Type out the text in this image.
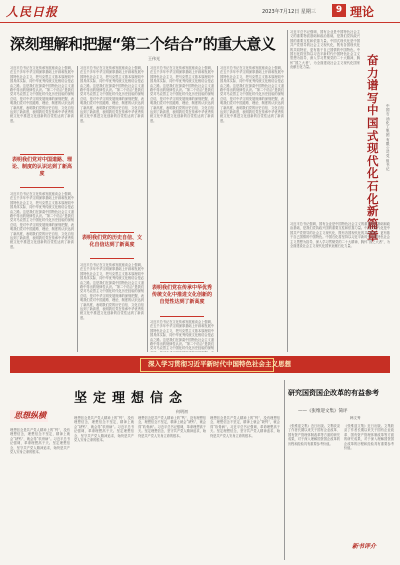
人民日报	2023年7月12日 星期三	9 理论
深刻理解和把握“第二个结合”的重大意义
王伟光

习近平总书记在文化传承发展座谈会上强调，在五千多年中华文明深厚基础上开辟和发展中国特色社会主义，把马克思主义基本原理同中国具体实际、同中华优秀传统文化相结合是必由之路。这是我们在探索中国特色社会主义道路中得出的规律性认识。“第二个结合”是我们党对马克思主义中国化时代化历史经验的深刻总结，是对中华文明发展规律的深刻把握，表明我们党对中国道路、理论、制度的认识达到了新高度，表明我们党的历史自信、文化自信达到了新高度，表明我们党在传承中华优秀传统文化中推进文化创新的自觉性达到了新高度。

表明我们党对中国道路、理论、制度的认识达到了新高度

习近平总书记在文化传承发展座谈会上强调，在五千多年中华文明深厚基础上开辟和发展中国特色社会主义，把马克思主义基本原理同中国具体实际、同中华优秀传统文化相结合是必由之路。这是我们在探索中国特色社会主义道路中得出的规律性认识。“第二个结合”是我们党对马克思主义中国化时代化历史经验的深刻总结，是对中华文明发展规律的深刻把握，表明我们党对中国道路、理论、制度的认识达到了新高度，表明我们党的历史自信、文化自信达到了新高度，表明我们党在传承中华优秀传统文化中推进文化创新的自觉性达到了新高度。

习近平总书记在文化传承发展座谈会上强调，在五千多年中华文明深厚基础上开辟和发展中国特色社会主义，把马克思主义基本原理同中国具体实际、同中华优秀传统文化相结合是必由之路。这是我们在探索中国特色社会主义道路中得出的规律性认识。“第二个结合”是我们党对马克思主义中国化时代化历史经验的深刻总结，是对中华文明发展规律的深刻把握，表明我们党对中国道路、理论、制度的认识达到了新高度，表明我们党的历史自信、文化自信达到了新高度，表明我们党在传承中华优秀传统文化中推进文化创新的自觉性达到了新高度。

表明我们党的历史自信、文化自信达到了新高度

习近平总书记在文化传承发展座谈会上强调，在五千多年中华文明深厚基础上开辟和发展中国特色社会主义，把马克思主义基本原理同中国具体实际、同中华优秀传统文化相结合是必由之路。这是我们在探索中国特色社会主义道路中得出的规律性认识。“第二个结合”是我们党对马克思主义中国化时代化历史经验的深刻总结，是对中华文明发展规律的深刻把握，表明我们党对中国道路、理论、制度的认识达到了新高度，表明我们党的历史自信、文化自信达到了新高度，表明我们党在传承中华优秀传统文化中推进文化创新的自觉性达到了新高度。

习近平总书记在文化传承发展座谈会上强调，在五千多年中华文明深厚基础上开辟和发展中国特色社会主义，把马克思主义基本原理同中国具体实际、同中华优秀传统文化相结合是必由之路。这是我们在探索中国特色社会主义道路中得出的规律性认识。“第二个结合”是我们党对马克思主义中国化时代化历史经验的深刻总结，是对中华文明发展规律的深刻把握，表明我们党对中国道路、理论、制度的认识达到了新高度，表明我们党的历史自信、文化自信达到了新高度，表明我们党在传承中华优秀传统文化中推进文化创新的自觉性达到了新高度。

表明我们党在传承中华优秀传统文化中推进文化创新的自觉性达到了新高度

习近平总书记在文化传承发展座谈会上强调，在五千多年中华文明深厚基础上开辟和发展中国特色社会主义，把马克思主义基本原理同中国具体实际、同中华优秀传统文化相结合是必由之路。这是我们在探索中国特色社会主义道路中得出的规律性认识。“第二个结合”是我们党对马克思主义中国化时代化历史经验的深刻

习近平总书记在文化传承发展座谈会上强调，在五千多年中华文明深厚基础上开辟和发展中国特色社会主义，把马克思主义基本原理同中国具体实际、同中华优秀传统文化相结合是必由之路。这是我们在探索中国特色社会主义道路中得出的规律性认识。“第二个结合”是我们党对马克思主义中国化时代化历史经验的深刻总结，是对中华文明发展规律的深刻把握，表明我们党对中国道路、理论、制度的认识达到了新高度，表明我们党的历史自信、文化自信达到了新高度，表明我们党在传承中华优秀传统文化中推进文化创新的自觉性达到了新高度。

习近平总书记强调，国有企业是中国特色社会主义的重要物质基础和政治基础，是我们党执政兴国的重要支柱和依靠力量。中国式现代化是中国共产党领导的社会主义现代化，既有各国现代化的共同特征，更有基于自己国情的中国特色。中国石化将坚持以习近平新时代中国特色社会主义思想为指导，深入学习贯彻党的二十大精神，胸怀“国之大者”，为全面建设社会主义现代化国家贡献石化力量。

奋力谱写中国式现代化石化新篇章
中国石油化工集团有限公司党组书记

习近平总书记强调，国有企业是中国特色社会主义的重要物质基础和政治基础，是我们党执政兴国的重要支柱和依靠力量。中国式现代化是中国共产党领导的社会主义现代化，既有各国现代化的共同特征，更有基于自己国情的中国特色。中国石化将坚持以习近平新时代中国特色社会主义思想为指导，深入学习贯彻党的二十大精神，胸怀“国之大者”，为全面建设社会主义现代化国家贡献石化力量。

深入学习贯彻习近平新时代中国特色社会主义思想
坚定理想信念
何明初
思想纵横

理想信念是共产党人精神上的“钙”，没有理想信念，理想信念不坚定，精神上就会“缺钙”，就会得“软骨病”。习近平总书记强调，革命理想高于天。坚定理想信念，坚守共产党人精神追求，始终是共产党人安身立命的根本。

理想信念是共产党人精神上的“钙”，没有理想信念，理想信念不坚定，精神上就会“缺钙”，就会得“软骨病”。习近平总书记强调，革命理想高于天。坚定理想信念，坚守共产党人精神追求，始终是共产党人安身立命的根本。

理想信念是共产党人精神上的“钙”，没有理想信念，理想信念不坚定，精神上就会“缺钙”，就会得“软骨病”。习近平总书记强调，革命理想高于天。坚定理想信念，坚守共产党人精神追求，始终是共产党人安身立命的根本。

理想信念是共产党人精神上的“钙”，没有理想信念，理想信念不坚定，精神上就会“缺钙”，就会得“软骨病”。习近平总书记强调，革命理想高于天。坚定理想信念，坚守共产党人精神追求，始终是共产党人安身立命的根本。

研究国资国企改革的有益参考
——《张维迎文集》简评
韩文秀

《张维迎文集》近日出版。文集收录了作者长期以来关于国有企业改革、国有资产管理体制改革等方面的研究成果，对于深入理解国资国企改革的历程和经验具有重要参考价值。

《张维迎文集》近日出版。文集收录了作者长期以来关于国有企业改革、国有资产管理体制改革等方面的研究成果，对于深入理解国资国企改革的历程和经验具有重要参考价值。

新书评介
